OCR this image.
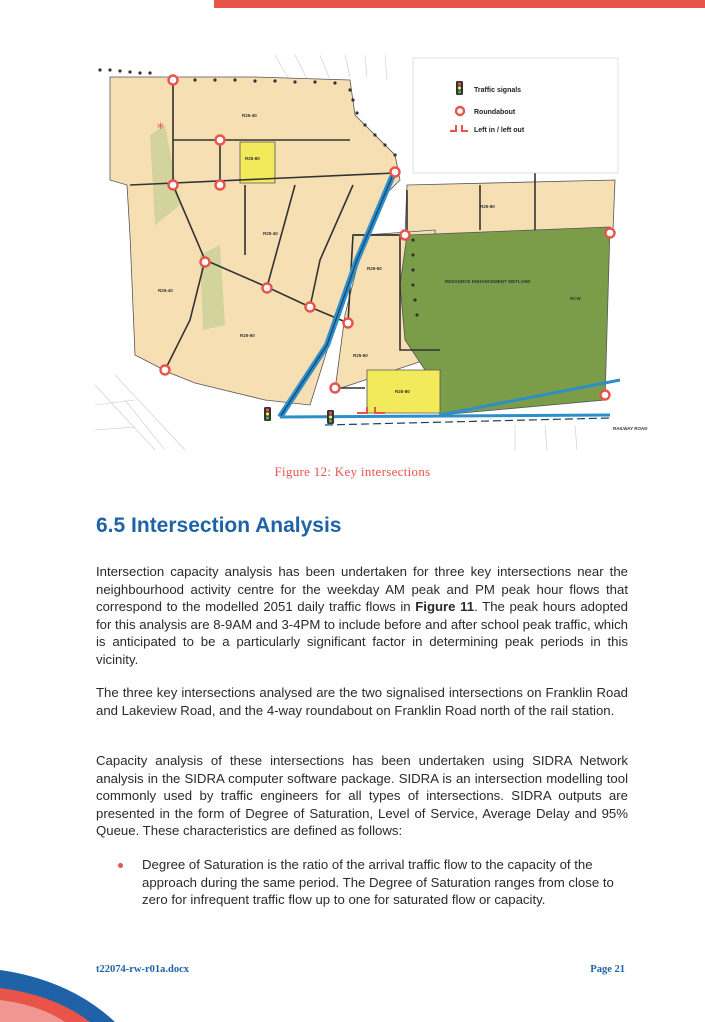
*
R25-40
R25-40
R25-40
R25-60
R25-60
R25-60
R25-80
R25-80
R25-80
RESOURCE ENHANCEMENT WETLAND
RCW
RAILWAY ROAD
Traffic signals
Roundabout
Left in / left out
Figure 12: Key intersections
6.5 Intersection Analysis

Intersection capacity analysis has been undertaken for three key intersections near the neighbourhood activity centre for the weekday AM peak and PM peak hour flows that correspond to the modelled 2051 daily traffic flows in Figure 11. The peak hours adopted for this analysis are 8-9AM and 3-4PM to include before and after school peak traffic, which is anticipated to be a particularly significant factor in determining peak periods in this vicinity.

The three key intersections analysed are the two signalised intersections on Franklin Road and Lakeview Road, and the 4-way roundabout on Franklin Road north of the rail station.

Capacity analysis of these intersections has been undertaken using SIDRA Network analysis in the SIDRA computer software package. SIDRA is an intersection modelling tool commonly used by traffic engineers for all types of intersections. SIDRA outputs are presented in the form of Degree of Saturation, Level of Service, Average Delay and 95% Queue. These characteristics are defined as follows:

Degree of Saturation is the ratio of the arrival traffic flow to the capacity of the approach during the same period. The Degree of Saturation ranges from close to zero for infrequent traffic flow up to one for saturated flow or capacity.

t22074-rw-r01a.docx	Page 21
